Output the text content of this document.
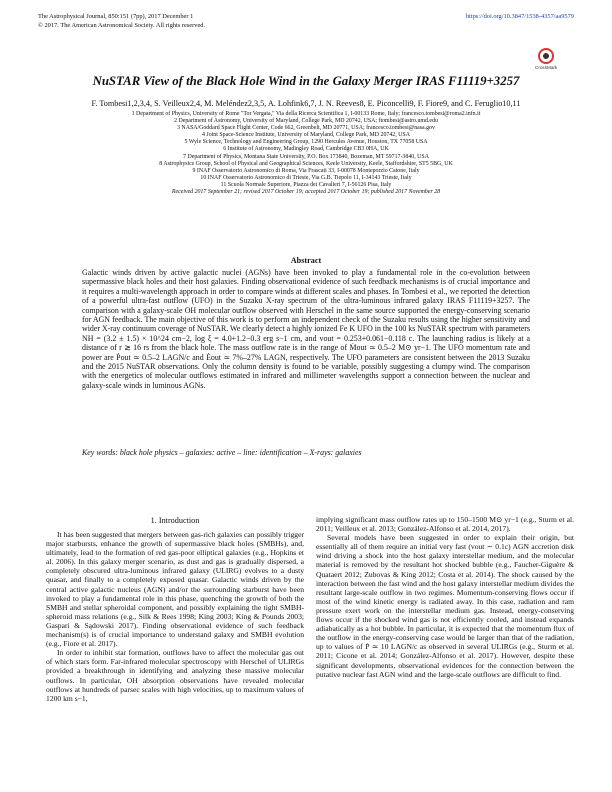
The Astrophysical Journal, 850:151 (7pp), 2017 December 1	https://doi.org/10.3847/1538-4357/aa9579
© 2017. The American Astronomical Society. All rights reserved.
CrossMark
NuSTAR View of the Black Hole Wind in the Galaxy Merger IRAS F11119+3257
F. Tombesi1,2,3,4, S. Veilleux2,4, M. Meléndez2,3,5, A. Lohfink6,7, J. N. Reeves8, E. Piconcelli9, F. Fiore9, and C. Feruglio10,11
1 Department of Physics, University of Rome "Tor Vergata," Via della Ricerca Scientifica 1, I-00133 Rome, Italy; francesco.tombesi@roma2.infn.it
2 Department of Astronomy, University of Maryland, College Park, MD 20742, USA; ftombesi@astro.umd.edu
3 NASA/Goddard Space Flight Center, Code 662, Greenbelt, MD 20771, USA; francesco.tombesi@nasa.gov
4 Joint Space-Science Institute, University of Maryland, College Park, MD 20742, USA
5 Wyle Science, Technology and Engineering Group, 1290 Hercules Avenue, Houston, TX 77058 USA
6 Institute of Astronomy, Madingley Road, Cambridge CB3 0HA, UK
7 Department of Physics, Montana State University, P.O. Box 173840, Bozeman, MT 59717-3840, USA
8 Astrophysics Group, School of Physical and Geographical Sciences, Keele University, Keele, Staffordshire, ST5 5BG, UK
9 INAF Osservatorio Astronomico di Roma, Via Frascati 33, I-00078 Monteporzio Catone, Italy
10 INAF Osservatorio Astronomico di Trieste, Via G.B. Tiepolo 11, I-34143 Trieste, Italy
11 Scuola Normale Superiore, Piazza dei Cavalieri 7, I-56126 Pisa, Italy
Received 2017 September 21; revised 2017 October 19; accepted 2017 October 19; published 2017 November 28
Abstract
Galactic winds driven by active galactic nuclei (AGNs) have been invoked to play a fundamental role in the co-evolution between supermassive black holes and their host galaxies. Finding observational evidence of such feedback mechanisms is of crucial importance and it requires a multi-wavelength approach in order to compare winds at different scales and phases. In Tombesi et al., we reported the detection of a powerful ultra-fast outflow (UFO) in the Suzaku X-ray spectrum of the ultra-luminous infrared galaxy IRAS F11119+3257. The comparison with a galaxy-scale OH molecular outflow observed with Herschel in the same source supported the energy-conserving scenario for AGN feedback. The main objective of this work is to perform an independent check of the Suzaku results using the higher sensitivity and wider X-ray continuum coverage of NuSTAR. We clearly detect a highly ionized Fe K UFO in the 100 ks NuSTAR spectrum with parameters NH = (3.2 ± 1.5) × 10^24 cm−2, log ξ = 4.0+1.2−0.3 erg s−1 cm, and vout = 0.253+0.061−0.118 c. The launching radius is likely at a distance of r ≳ 16 rs from the black hole. The mass outflow rate is in the range of Ṁout ≃ 0.5–2 M⊙ yr−1. The UFO momentum rate and power are Ṗout ≃ 0.5–2 LAGN/c and Ėout ≃ 7%–27% LAGN, respectively. The UFO parameters are consistent between the 2013 Suzaku and the 2015 NuSTAR observations. Only the column density is found to be variable, possibly suggesting a clumpy wind. The comparison with the energetics of molecular outflows estimated in infrared and millimeter wavelengths support a connection between the nuclear and galaxy-scale winds in luminous AGNs.
Key words: black hole physics – galaxies: active – line: identification – X-rays: galaxies
1. Introduction

It has been suggested that mergers between gas-rich galaxies can possibly trigger major starbursts, enhance the growth of supermassive black holes (SMBHs), and, ultimately, lead to the formation of red gas-poor elliptical galaxies (e.g., Hopkins et al. 2006). In this galaxy merger scenario, as dust and gas is gradually dispersed, a completely obscured ultra-luminous infrared galaxy (ULIRG) evolves to a dusty quasar, and finally to a completely exposed quasar. Galactic winds driven by the central active galactic nucleus (AGN) and/or the surrounding starburst have been invoked to play a fundamental role in this phase, quenching the growth of both the SMBH and stellar spheroidal component, and possibly explaining the tight SMBH-spheroid mass relations (e.g., Silk & Rees 1998; King 2003; King & Pounds 2003; Gaspari & Sądowski 2017). Finding observational evidence of such feedback mechanism(s) is of crucial importance to understand galaxy and SMBH evolution (e.g., Fiore et al. 2017).

In order to inhibit star formation, outflows have to affect the molecular gas out of which stars form. Far-infrared molecular spectroscopy with Herschel of ULIRGs provided a breakthrough in identifying and analyzing these massive molecular outflows. In particular, OH absorption observations have revealed molecular outflows at hundreds of parsec scales with high velocities, up to maximum values of 1200 km s−1,

implying significant mass outflow rates up to 150–1500 M⊙ yr−1 (e.g., Sturm et al. 2011; Veilleux et al. 2013; González-Alfonso et al. 2014, 2017).

Several models have been suggested in order to explain their origin, but essentially all of them require an initial very fast (vout ∼ 0.1c) AGN accretion disk wind driving a shock into the host galaxy interstellar medium, and the molecular material is removed by the resultant hot shocked bubble (e.g., Faucher-Giguère & Quataert 2012; Zubovas & King 2012; Costa et al. 2014). The shock caused by the interaction between the fast wind and the host galaxy interstellar medium divides the resultant large-scale outflow in two regimes. Momentum-conserving flows occur if most of the wind kinetic energy is radiated away. In this case, radiation and ram pressure exert work on the interstellar medium gas. Instead, energy-conserving flows occur if the shocked wind gas is not efficiently cooled, and instead expands adiabatically as a hot bubble. In particular, it is expected that the momentum flux of the outflow in the energy-conserving case would be larger than that of the radiation, up to values of Ṗ ≃ 10 LAGN/c as observed in several ULIRGs (e.g., Sturm et al. 2011; Cicone et al. 2014; González-Alfonso et al. 2017). However, despite these significant developments, observational evidences for the connection between the putative nuclear fast AGN wind and the large-scale outflows are difficult to find.
